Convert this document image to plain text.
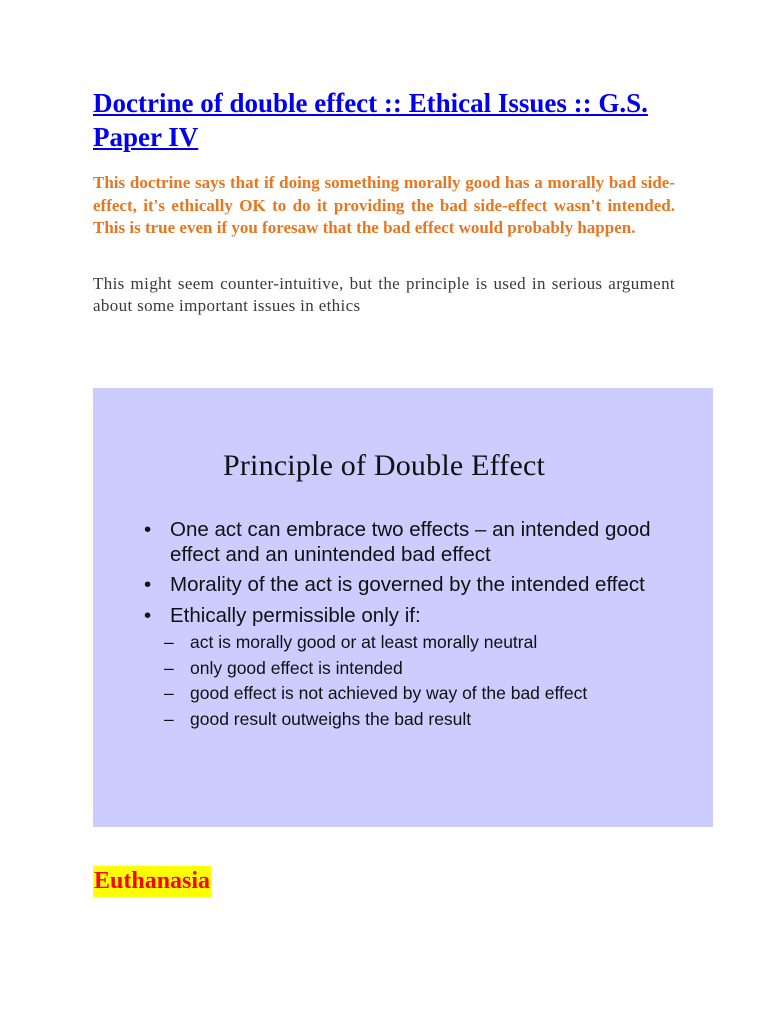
Doctrine of double effect :: Ethical Issues :: G.S. Paper IV

This doctrine says that if doing something morally good has a morally bad side-effect, it's ethically OK to do it providing the bad side-effect wasn't intended. This is true even if you foresaw that the bad effect would probably happen.

This might seem counter-intuitive, but the principle is used in serious argument about some important issues in ethics

Principle of Double Effect
• One act can embrace two effects – an intended good effect and an unintended bad effect
• Morality of the act is governed by the intended effect
• Ethically permissible only if:
– act is morally good or at least morally neutral
– only good effect is intended
– good effect is not achieved by way of the bad effect
– good result outweighs the bad result
Euthanasia
